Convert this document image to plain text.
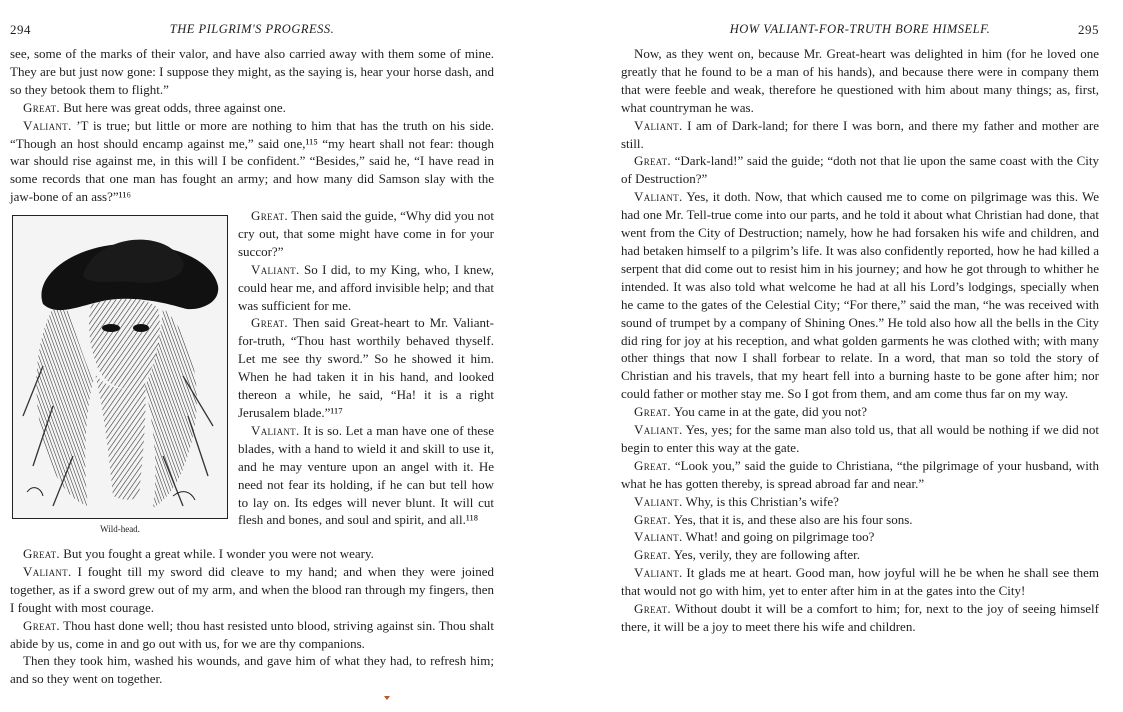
294	THE PILGRIM'S PROGRESS.

see, some of the marks of their valor, and have also carried away with them some of mine. They are but just now gone: I suppose they might, as the saying is, hear your horse dash, and so they betook them to flight.”

Great. But here was great odds, three against one.

Valiant. ’T is true; but little or more are nothing to him that has the truth on his side. “Though an host should encamp against me,” said one,¹¹⁵ “my heart shall not fear: though war should rise against me, in this will I be confident.” “Besides,” said he, “I have read in some records that one man has fought an army; and how many did Samson slay with the jaw-bone of an ass?”¹¹⁶

Wild-head.

Great. Then said the guide, “Why did you not cry out, that some might have come in for your succor?”

Valiant. So I did, to my King, who, I knew, could hear me, and afford invisible help; and that was sufficient for me.

Great. Then said Great-heart to Mr. Valiant-for-truth, “Thou hast worthily behaved thyself. Let me see thy sword.” So he showed it him. When he had taken it in his hand, and looked thereon a while, he said, “Ha! it is a right Jerusalem blade.”¹¹⁷

Valiant. It is so. Let a man have one of these blades, with a hand to wield it and skill to use it, and he may venture upon an angel with it. He need not fear its holding, if he can but tell how to lay on. Its edges will never blunt. It will cut flesh and bones, and soul and spirit, and all.¹¹⁸

Great. But you fought a great while. I wonder you were not weary.

Valiant. I fought till my sword did cleave to my hand; and when they were joined together, as if a sword grew out of my arm, and when the blood ran through my fingers, then I fought with most courage.

Great. Thou hast done well; thou hast resisted unto blood, striving against sin. Thou shalt abide by us, come in and go out with us, for we are thy companions.

Then they took him, washed his wounds, and gave him of what they had, to refresh him; and so they went on together.

HOW VALIANT-FOR-TRUTH BORE HIMSELF.	295

Now, as they went on, because Mr. Great-heart was delighted in him (for he loved one greatly that he found to be a man of his hands), and because there were in company them that were feeble and weak, therefore he questioned with him about many things; as, first, what countryman he was.

Valiant. I am of Dark-land; for there I was born, and there my father and mother are still.

Great. “Dark-land!” said the guide; “doth not that lie upon the same coast with the City of Destruction?”

Valiant. Yes, it doth. Now, that which caused me to come on pilgrimage was this. We had one Mr. Tell-true come into our parts, and he told it about what Christian had done, that went from the City of Destruction; namely, how he had forsaken his wife and children, and had betaken himself to a pilgrim’s life. It was also confidently reported, how he had killed a serpent that did come out to resist him in his journey; and how he got through to whither he intended. It was also told what welcome he had at all his Lord’s lodgings, specially when he came to the gates of the Celestial City; “For there,” said the man, “he was received with sound of trumpet by a company of Shining Ones.” He told also how all the bells in the City did ring for joy at his reception, and what golden garments he was clothed with; with many other things that now I shall forbear to relate. In a word, that man so told the story of Christian and his travels, that my heart fell into a burning haste to be gone after him; nor could father or mother stay me. So I got from them, and am come thus far on my way.

Great. You came in at the gate, did you not?

Valiant. Yes, yes; for the same man also told us, that all would be nothing if we did not begin to enter this way at the gate.

Great. “Look you,” said the guide to Christiana, “the pilgrimage of your husband, with what he has gotten thereby, is spread abroad far and near.”

Valiant. Why, is this Christian’s wife?

Great. Yes, that it is, and these also are his four sons.

Valiant. What! and going on pilgrimage too?

Great. Yes, verily, they are following after.

Valiant. It glads me at heart. Good man, how joyful will he be when he shall see them that would not go with him, yet to enter after him in at the gates into the City!

Great. Without doubt it will be a comfort to him; for, next to the joy of seeing himself there, it will be a joy to meet there his wife and children.
